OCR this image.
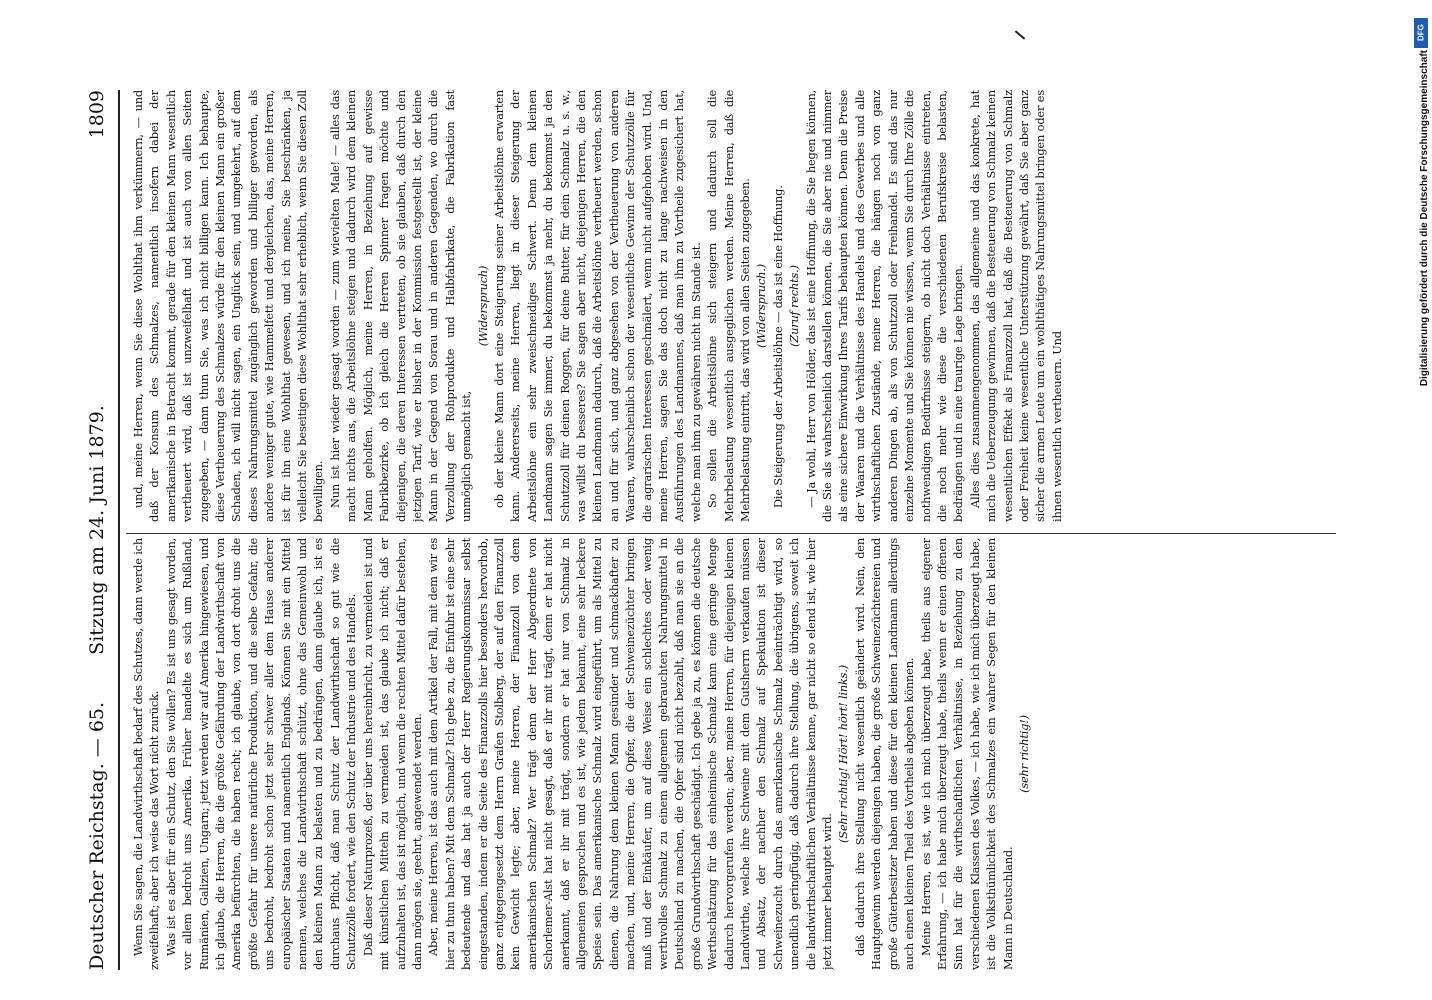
Deutscher Reichstag. — 65.
Sitzung am 24. Juni 1879.
1809

Wenn Sie sagen, die Landwirthschaft bedarf des Schutzes, dann werde ich zweifelhaft; aber ich weise das Wort nicht zurück. Was ist es aber für ein Schutz, den Sie wollen? Es ist uns gesagt worden, vor allem bedroht uns Amerika. Früher handelte es sich um Rußland, Rumänien, Galizien, Ungarn; jetzt werden wir auf Amerika hingewiesen, und ich glaube, die Herren, die die größte Gefährdung der Landwirthschaft von Amerika befürchten, die haben recht; ich glaube, von dort droht uns die größte Gefahr für unsere natürliche Produktion, und die selbe Gefahr, die uns bedroht, bedroht schon jetzt sehr schwer aller dem Hause anderer europäischer Staaten und namentlich Englands. Können Sie mit ein Mittel nennen, welches die Landwirthschaft schützt, ohne das Gemeinwohl und den kleinen Mann zu belasten und zu bedrängen, dann glaube ich, ist es durchaus Pflicht, daß man Schutz der Landwirthschaft so gut wie die Schutzzölle fordert, wie den Schutz der Industrie und des Handels. Daß dieser Naturprozeß, der über uns hereinbricht, zu vermeiden ist und mit künstlichen Mitteln zu vermeiden ist, das glaube ich nicht; daß er aufzuhalten ist, das ist möglich, und wenn die rechten Mittel dafür bestehen, dann mögen sie, geehrt, angewendet werden. Aber, meine Herren, ist das auch mit dem Artikel der Fall, mit dem wir es hier zu thun haben? Mit dem Schmalz? Ich gebe zu, die Einfuhr ist eine sehr bedeutende und das hat ja auch der Herr Regierungskommissar selbst eingestanden, indem er die Seite des Finanzzolls hier besonders hervorhob, ganz entgegengesetzt dem Herrn Grafen Stolberg, der auf den Finanzzoll kein Gewicht legte; aber, meine Herren, der Finanzzoll von dem amerikanischen Schmalz? Wer trägt denn der Herr Abgeordnete von Schorlemer-Alst hat nicht gesagt, daß er ihr mit trägt, denn er hat nicht anerkannt, daß er ihr mit trägt, sondern er hat nur von Schmalz in allgemeinen gesprochen und es ist, wie jedem bekannt, eine sehr leckere Speise sein. Das amerikanische Schmalz wird eingeführt, um als Mittel zu dienen, die Nahrung dem kleinen Mann gesünder und schmackhafter zu machen, und, meine Herren, die Opfer, die der Schweinezüchter bringen muß und der Einkäufer, um auf diese Weise ein schlechtes oder wenig werthvolles Schmalz zu einem allgemein gebrauchten Nahrungsmittel in Deutschland zu machen, die Opfer sind nicht bezahlt, daß man sie an die große Grundwirthschaft geschädigt. Ich gebe ja zu, es können die deutsche Werthschätzung für das einheimische Schmalz kann eine geringe Menge dadurch hervorgerufen werden; aber, meine Herren, für diejenigen kleinen Landwirthe, welche ihre Schweine mit dem Gutsherrn verkaufen müssen und Absatz, der nachher den Schmalz auf Spekulation ist dieser Schweinezucht durch das amerikanische Schmalz beeinträchtigt wird, so unendlich geringfügig, daß dadurch ihre Stellung, die übrigens, soweit ich die landwirthschaftlichen Verhältnisse kenne, gar nicht so elend ist, wie hier jetzt immer behauptet wird.

(Sehr richtig! Hört! hört! links.) daß dadurch ihre Stellung nicht wesentlich geändert wird. Nein, den Hauptgewinn werden diejenigen haben, die große Schweinezüchtereien und große Güterbesitzer haben und diese für den kleinen Landmann allerdings auch einen kleinen Theil des Vortheils abgeben können. Meine Herren, es ist, wie ich mich überzeugt habe, theils aus eigener Erfahrung, — ich habe mich überzeugt habe, theils wenn er einen offenen Sinn hat für die wirthschaftlichen Verhältnisse, in Beziehung zu den verschiedenen Klassen des Volkes, — ich habe, wie ich mich überzeugt habe, ist die Volksthümlichkeit des Schmalzes ein wahrer Segen für den kleinen Mann in Deutschland.

(sehr richtig!)

und, meine Herren, wenn Sie diese Wohlthat ihm verkümmern, — und daß der Konsum des Schmalzes, namentlich insofern dabei der amerikanische in Betracht kommt, gerade für den kleinen Mann wesentlich vertheuert wird, daß ist unzweifelhaft und ist auch von allen Seiten zugegeben, — dann thun Sie, was ich nicht billigen kann. Ich behaupte, diese Vertheuerung des Schmalzes würde für den kleinen Mann ein großer Schaden, ich will nicht sagen, ein Unglück sein, und umgekehrt, auf dem dieses Nahrungsmittel zugänglich geworden und billiger geworden, als andere weniger gute, wie Hammelfett und dergleichen, das, meine Herren, ist für ihn eine Wohlthat gewesen, und ich meine, Sie beschränken, ja vielleicht Sie beseitigen diese Wohlthat sehr erheblich, wenn Sie diesen Zoll bewilligen. Nun ist hier wieder gesagt worden — zum wievielten Male! — alles das macht nichts aus, die Arbeitslöhne steigen und dadurch wird dem kleinen Mann geholfen. Möglich, meine Herren, in Beziehung auf gewisse Fabrikbezirke, ob ich gleich die Herren Spinner fragen möchte und diejenigen, die deren Interessen vertreten, ob sie glauben, daß durch den jetzigen Tarif, wie er bisher in der Kommission festgestellt ist, der kleine Mann in der Gegend von Sorau und in anderen Gegenden, wo durch die Verzollung der Rohprodukte und Halbfabrikate, die Fabrikation fast unmöglich gemacht ist,

(Widerspruch) ob der kleine Mann dort eine Steigerung seiner Arbeitslöhne erwarten kann. Andererseits, meine Herren, liegt in dieser Steigerung der Arbeitslöhne ein sehr zweischneidiges Schwert. Denn dem kleinen Landmann sagen Sie immer, du bekommst ja mehr, du bekommst ja den Schutzzoll für deinen Roggen, für deine Butter, für dein Schmalz u. s. w., was willst du besseres? Sie sagen aber nicht, diejenigen Herren, die den kleinen Landmann dadurch, daß die Arbeitslöhne vertheuert werden, schon an und für sich, und ganz abgesehen von der Vertheuerung von anderen Waaren, wahrscheinlich schon der wesentliche Gewinn der Schutzzölle für die agrarischen Interessen geschmälert, wenn nicht aufgehoben wird. Und, meine Herren, sagen Sie das doch nicht zu lange nachweisen in den Ausführungen des Landmannes, daß man ihm zu Vortheile zugesichert hat, welche man ihm zu gewähren nicht im Stande ist. So sollen die Arbeitslöhne sich steigern und dadurch soll die Mehrbelastung wesentlich ausgeglichen werden. Meine Herren, daß die Mehrbelastung eintritt, das wird von allen Seiten zugegeben. (Widerspruch.) Die Steigerung der Arbeitslöhne — das ist eine Hoffnung. (Zuruf rechts.) — Ja wohl, Herr von Hölder, das ist eine Hoffnung, die Sie hegen können, die Sie als wahrscheinlich darstellen können, die Sie aber nie und nimmer als eine sichere Einwirkung Ihres Tarifs behaupten können. Denn die Preise der Waaren und die Verhältnisse des Handels und des Gewerbes und alle wirthschaftlichen Zustände, meine Herren, die hängen noch von ganz anderen Dingen ab, als von Schutzzoll oder Freihandel. Es sind das nur einzelne Momente und Sie können nie wissen, wenn Sie durch Ihre Zölle die nothwendigen Bedürfnisse steigern, ob nicht doch Verhältnisse eintreten, die noch mehr wie diese die verschiedenen Berufskreise belasten, bedrängen und in eine traurige Lage bringen. Alles dies zusammengenommen, das allgemeine und das konkrete, hat mich die Ueberzeugung gewinnen, daß die Besteuerung von Schmalz keinen wesentlichen Effekt als Finanzzoll hat, daß die Besteuerung von Schmalz oder Freiheit keine wesentliche Unterstützung gewährt, daß Sie aber ganz sicher die armen Leute um ein wohlthätiges Nahrungsmittel bringen oder es ihnen wesentlich vertheuern. Und

DFG
Digitalisierung gefördert durch die Deutsche Forschungsgemeinschaft
